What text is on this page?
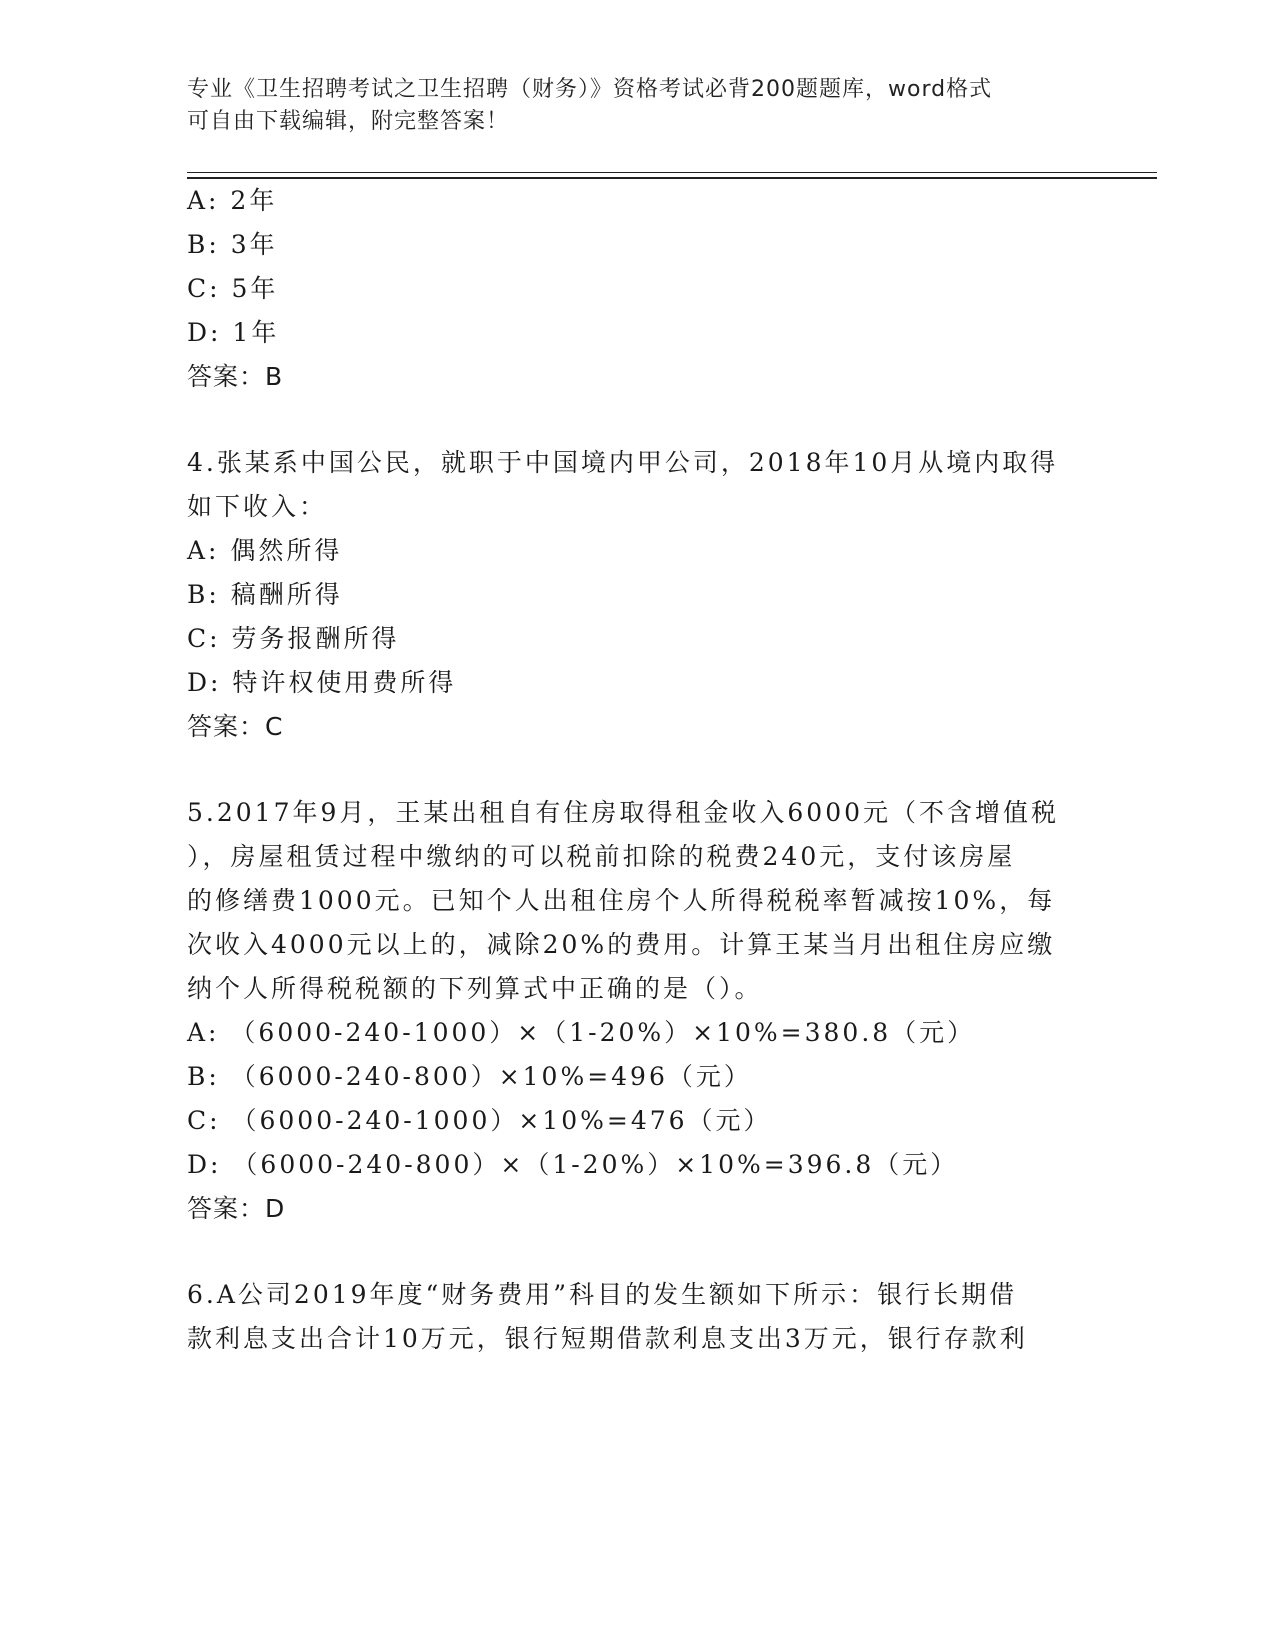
专业《卫生招聘考试之卫生招聘（财务）》资格考试必背200题题库，word格式
可自由下载编辑，附完整答案！
A: 2年
B: 3年
C: 5年
D: 1年
答案：B
4.张某系中国公民，就职于中国境内甲公司，2018年10月从境内取得
如下收入：
A: 偶然所得
B: 稿酬所得
C: 劳务报酬所得
D: 特许权使用费所得
答案：C
5.2017年9月，王某出租自有住房取得租金收入6000元（不含增值税
），房屋租赁过程中缴纳的可以税前扣除的税费240元，支付该房屋
的修缮费1000元。已知个人出租住房个人所得税税率暂减按10%，每
次收入4000元以上的，减除20%的费用。计算王某当月出租住房应缴
纳个人所得税税额的下列算式中正确的是（）。
A: （6000-240-1000）×（1-20%）×10%=380.8（元）
B: （6000-240-800）×10%=496（元）
C: （6000-240-1000）×10%=476（元）
D: （6000-240-800）×（1-20%）×10%=396.8（元）
答案：D
6.A公司2019年度“财务费用”科目的发生额如下所示：银行长期借
款利息支出合计10万元，银行短期借款利息支出3万元，银行存款利
